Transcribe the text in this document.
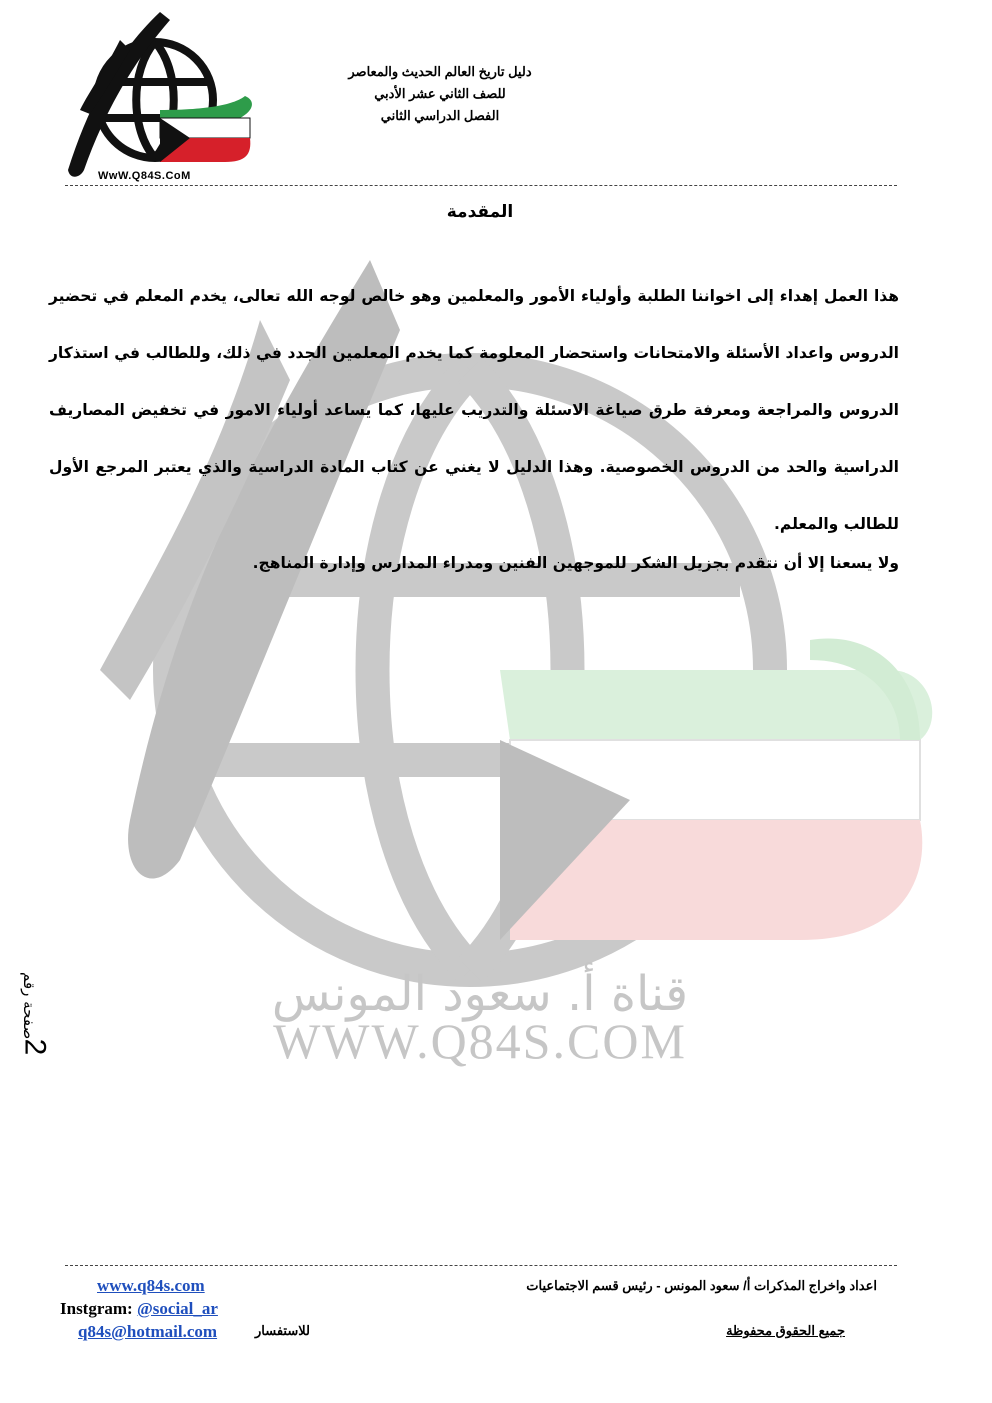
قناة أ. سعود المونس
WWW.Q84S.COM
WwW.Q84S.CoM
دليل تاريخ العالم الحديث والمعاصر
للصف الثاني عشر الأدبي
الفصل الدراسي الثاني
المقدمة
هذا العمل إهداء إلى اخواننا الطلبة وأولياء الأمور والمعلمين وهو خالص لوجه الله تعالى، يخدم المعلم في تحضير الدروس واعداد الأسئلة والامتحانات واستحضار المعلومة كما يخدم المعلمين الجدد في ذلك، وللطالب في استذكار الدروس والمراجعة ومعرفة طرق صياغة الاسئلة والتدريب عليها، كما يساعد أولياء الامور في تخفيض المصاريف الدراسية والحد من الدروس الخصوصية. وهذا الدليل لا يغني عن كتاب المادة الدراسية والذي يعتبر المرجع الأول للطالب والمعلم.
ولا يسعنا إلا أن نتقدم بجزيل الشكر للموجهين الفنين ومدراء المدارس وإدارة المناهج.
صفحة رقم
2
اعداد واخراج المذكرات أ/ سعود المونس - رئيس قسم الاجتماعيات
جميع الحقوق محفوظة
للاستفسار
www.q84s.com
Instgram: @social_ar
q84s@hotmail.com
